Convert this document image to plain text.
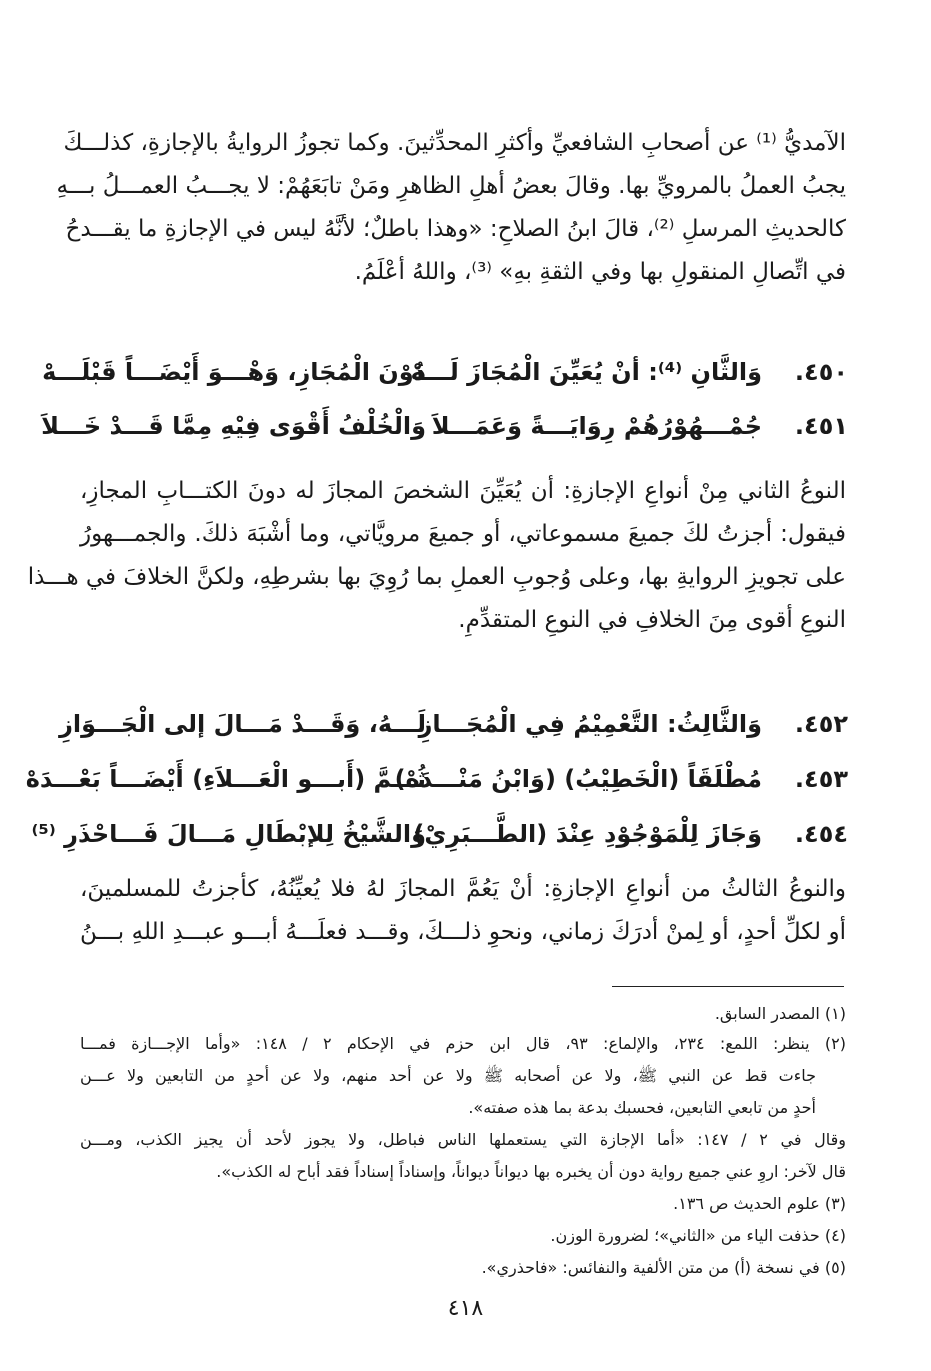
الآمديُّ ⁽¹⁾ عن أصحابِ الشافعيِّ وأكثرِ المحدِّثينَ. وكما تجوزُ الروايةُ بالإجازةِ، كذلـــكَ
يجبُ العملُ بالمرويِّ بها. وقالَ بعضُ أهلِ الظاهرِ ومَنْ تابَعَهُمْ: لا يجـــبُ العمـــلُ بـــهِ
كالحديثِ المرسلِ ⁽²⁾، قالَ ابنُ الصلاحِ: «وهذا باطلٌ؛ لأنَّهُ ليس في الإجازةِ ما يقـــدحُ
في اتِّصالِ المنقولِ بها وفي الثقةِ بهِ» ⁽³⁾، واللهُ أعْلَمُ.
٤٥٠.
وَالثَّانِ ⁽⁴⁾: أنْ يُعَيِّنَ الْمُجَازَ لَـــهْ
دُوْنَ الْمُجَازِ، وَهْـــوَ أَيْضَـــاً قَبْلَـــهْ
٤٥١.
جُمْـــهُوْرُهُمْ رِوَايَـــةً وَعَمَـــلاَ
وَالْخُلْفُ أَقْوَى فِيْهِ مِمَّا قَـــدْ خَـــلاَ
النوعُ الثاني مِنْ أنواعِ الإجازةِ: أن يُعَيِّنَ الشخصَ المجازَ له دونَ الكتـــابِ المجازِ،
فيقول: أجزتُ لكَ جميعَ مسموعاتي، أو جميعَ مرويَّاتي، وما أشْبَهَ ذلكَ. والجمـــهورُ
على تجويزِ الروايةِ بها، وعلى وُجوبِ العملِ بما رُوِيَ بها بشرطِهِ، ولكنَّ الخلافَ في هـــذا
النوعِ أقوى مِنَ الخلافِ في النوعِ المتقدِّمِ.
٤٥٢.
وَالثَّالِثُ: التَّعْمِيْمُ فِي الْمُجَـــازِ
لَـــهُ، وَقَـــدْ مَـــالَ إلى الْجَـــوَازِ
٤٥٣.
مُطْلَقَاً (الْخَطِيْبُ) (وَابْنُ مَنْـــدَهْ)
ثُـــمَّ (أَبـــو الْعَـــلاَءِ) أَيْضَـــاً بَعْـــدَهْ
٤٥٤.
وَجَازَ لِلْمَوْجُوْدِ عِنْدَ (الطَّـــبَرِيْ)
وَالشَّيْخُ لِلإبْطَالِ مَـــالَ فَـــاحْذَرِ ⁽⁵⁾
والنوعُ الثالثُ من أنواعِ الإجازةِ: أنْ يَعُمَّ المجازَ لهُ فلا يُعيِّنُهُ، كأجزتُ للمسلمينَ،
أو لكلِّ أحدٍ، أو لِمنْ أدرَكَ زماني، ونحوِ ذلـــكَ، وقـــد فعلَـــهُ أبـــو عبـــدِ اللهِ بـــنُ
(١) المصدر السابق.
(٢) ينظر: اللمع: ٢٣٤، والإلماع: ٩٣، قال ابن حزم في الإحكام ٢ / ١٤٨: «وأما الإجـــازة فمـــا
جاءت قط عن النبي ﷺ، ولا عن أصحابه ﷺ ولا عن أحد منهم، ولا عن أحدٍ من التابعين ولا عـــن
أحدٍ من تابعي التابعين، فحسبك بدعة بما هذه صفته».
وقال في ٢ / ١٤٧: «أما الإجازة التي يستعملها الناس فباطل، ولا يجوز لأحد أن يجيز الكذب، ومـــن
قال لآخر: اروِ عني جميع رواية دون أن يخبره بها ديواناً ديواناً، وإسناداً إسناداً فقد أباح له الكذب».
(٣) علوم الحديث ص ١٣٦.
(٤) حذفت الياء من «الثاني»؛ لضرورة الوزن.
(٥) في نسخة (أ) من متن الألفية والنفائس: «فاحذري».
٤١٨
